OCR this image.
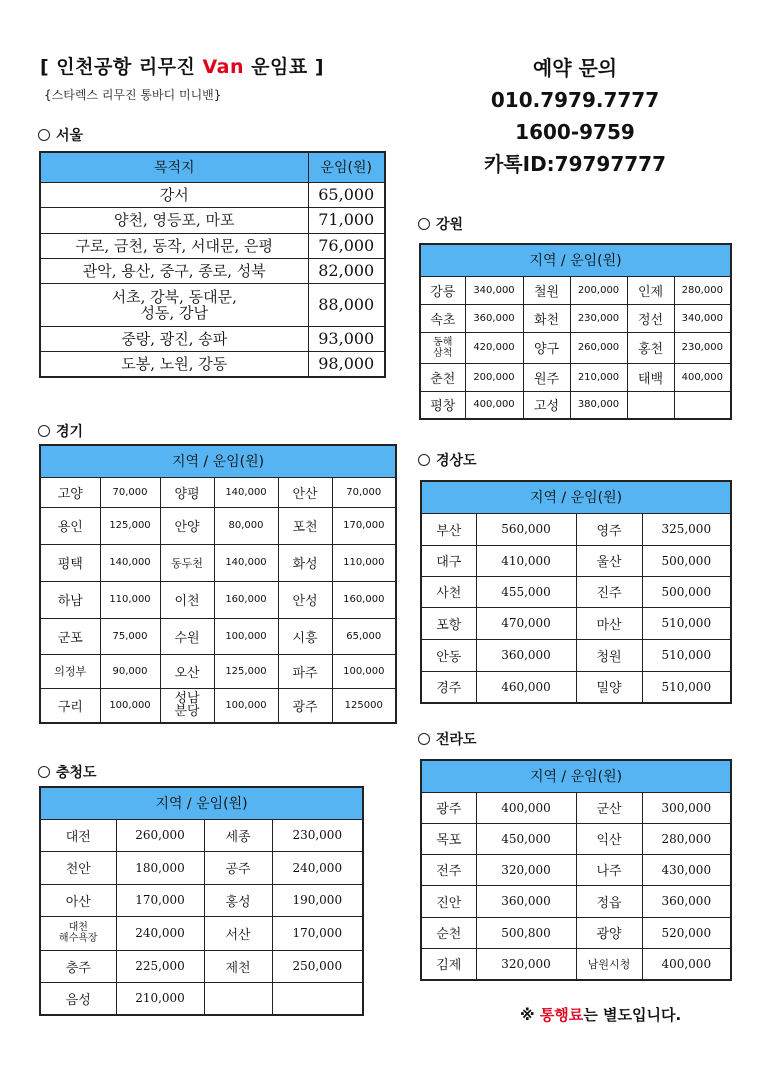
[ 인천공항 리무진 Van 운임표 ]
{스타렉스 리무진 통바디 미니밴}
예약 문의
010.7979.7777
1600-9759
카톡ID:79797777
서울
목적지	운임(원)
강서	65,000
양천, 영등포, 마포	71,000
구로, 금천, 동작, 서대문, 은평	76,000
관악, 용산, 중구, 종로, 성북	82,000
서초, 강북, 동대문,
성동, 강남	88,000
중랑, 광진, 송파	93,000
도봉, 노원, 강동	98,000
강원
지역 / 운임(원)					
강릉	340,000	철원	200,000	인제	280,000
속초	360,000	화천	230,000	정선	340,000
동해
삼척	420,000	양구	260,000	홍천	230,000
춘천	200,000	원주	210,000	태백	400,000
평창	400,000	고성	380,000		
경기
지역 / 운임(원)					
고양	70,000	양평	140,000	안산	70,000
용인	125,000	안양	80,000	포천	170,000
평택	140,000	동두천	140,000	화성	110,000
하남	110,000	이천	160,000	안성	160,000
군포	75,000	수원	100,000	시흥	65,000
의정부	90,000	오산	125,000	파주	100,000
구리	100,000	성남
분당	100,000	광주	125000
경상도
지역 / 운임(원)			
부산	560,000	영주	325,000
대구	410,000	울산	500,000
사천	455,000	진주	500,000
포항	470,000	마산	510,000
안동	360,000	청원	510,000
경주	460,000	밀양	510,000
전라도
지역 / 운임(원)			
광주	400,000	군산	300,000
목포	450,000	익산	280,000
전주	320,000	나주	430,000
진안	360,000	정읍	360,000
순천	500,800	광양	520,000
김제	320,000	남원시청	400,000
충청도
지역 / 운임(원)			
대전	260,000	세종	230,000
천안	180,000	공주	240,000
아산	170,000	홍성	190,000
대천
해수욕장	240,000	서산	170,000
충주	225,000	제천	250,000
음성	210,000		
※ 통행료는 별도입니다.
